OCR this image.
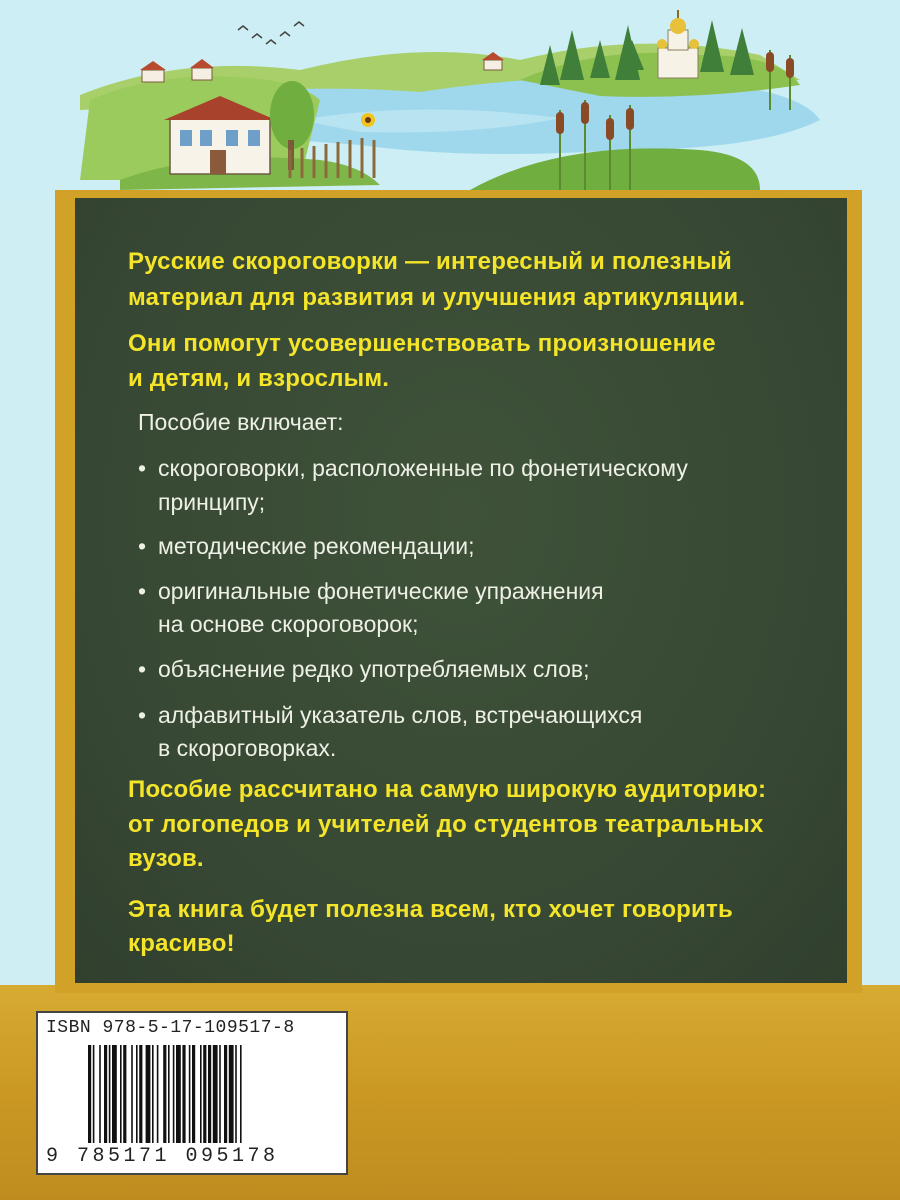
Русские скороговорки — интересный и полезный

материал для развития и улучшения артикуляции.

Они помогут усовершенствовать произношение

и детям, и взрослым.

Пособие включает:

• скороговорки, расположенные по фонетическому

принципу;

• методические рекомендации;

• оригинальные фонетические упражнения

на основе скороговорок;

• объяснение редко употребляемых слов;

• алфавитный указатель слов, встречающихся

в скороговорках.

Пособие рассчитано на самую широкую аудиторию:

от логопедов и учителей до студентов театральных

вузов.

Эта книга будет полезна всем, кто хочет говорить

красиво!

ISBN 978-5-17-109517-8
9 785171 095178
